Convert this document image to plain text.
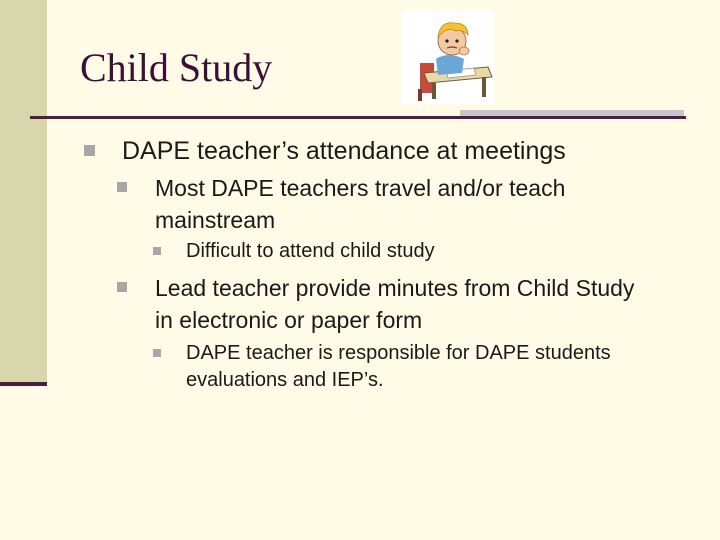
Child Study
DAPE teacher’s attendance at meetings
Most DAPE teachers travel and/or teach mainstream
Difficult to attend child study
Lead teacher provide minutes from Child Study in electronic or paper form
DAPE teacher is responsible for DAPE students evaluations and IEP’s.
